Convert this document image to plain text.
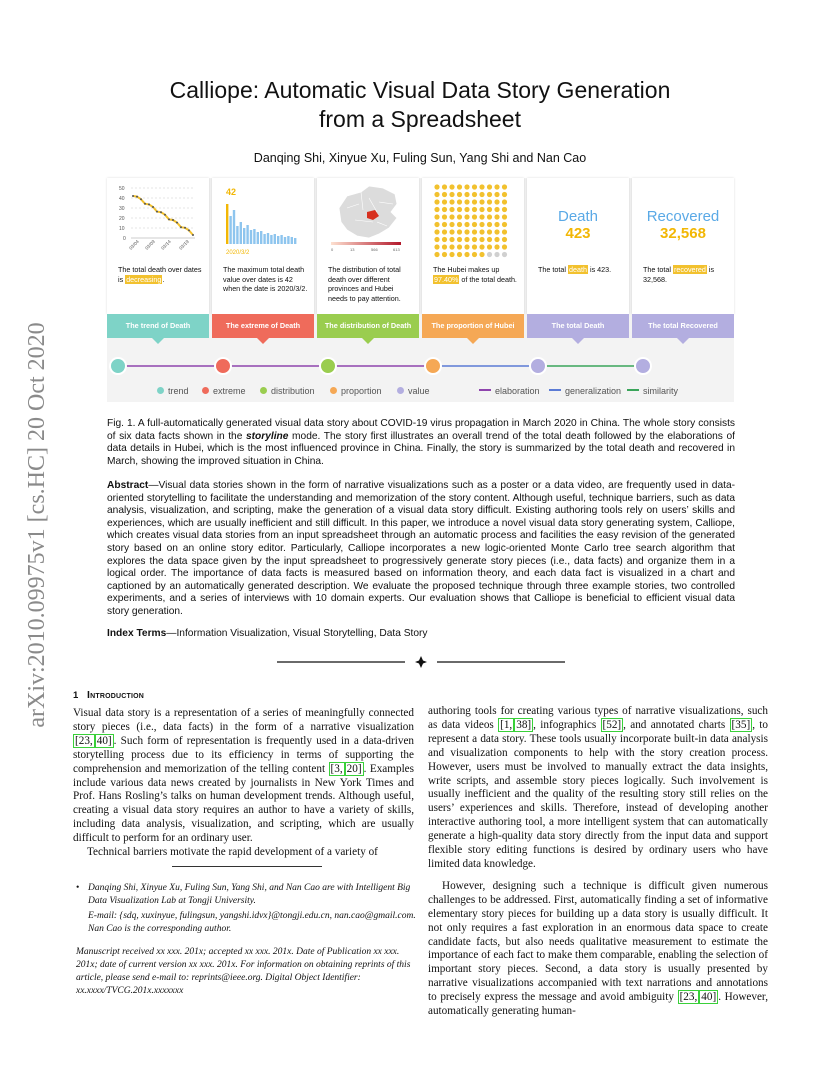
arXiv:2010.09975v1 [cs.HC] 20 Oct 2020
Calliope: Automatic Visual Data Story Generation
from a Spreadsheet
Danqing Shi, Xinyue Xu, Fuling Sun, Yang Shi and Nan Cao
50
40
30
20
10
0
03/04 03/09 03/14 03/19
The total death over dates is decreasing.
42
2020/3/2
The maximum total death value over dates is 42 when the date is 2020/3/2.
0	13	566	613
The distribution of total death over different provinces and Hubei needs to pay attention.
The Hubei makes up 97.40% of the total death.
Death
423
The total death is 423.
Recovered
32,568
The total recovered is 32,568.
The trend of Death	The extreme of Death	The distribution of Death	The proportion of Hubei	The total Death	The total Recovered
trend	extreme	distribution	proportion	value	elaboration	generalization	similarity
Fig. 1. A full-automatically generated visual data story about COVID-19 virus propagation in March 2020 in China. The whole story consists of six data facts shown in the storyline mode. The story first illustrates an overall trend of the total death followed by the elaborations of data details in Hubei, which is the most influenced province in China. Finally, the story is summarized by the total death and recovered in March, showing the improved situation in China.
Abstract—Visual data stories shown in the form of narrative visualizations such as a poster or a data video, are frequently used in data-oriented storytelling to facilitate the understanding and memorization of the story content. Although useful, technique barriers, such as data analysis, visualization, and scripting, make the generation of a visual data story difficult. Existing authoring tools rely on users’ skills and experiences, which are usually inefficient and still difficult. In this paper, we introduce a novel visual data story generating system, Calliope, which creates visual data stories from an input spreadsheet through an automatic process and facilities the easy revision of the generated story based on an online story editor. Particularly, Calliope incorporates a new logic-oriented Monte Carlo tree search algorithm that explores the data space given by the input spreadsheet to progressively generate story pieces (i.e., data facts) and organize them in a logical order. The importance of data facts is measured based on information theory, and each data fact is visualized in a chart and captioned by an automatically generated description. We evaluate the proposed technique through three example stories, two controlled experiments, and a series of interviews with 10 domain experts. Our evaluation shows that Calliope is beneficial to efficient visual data story generation.
Index Terms—Information Visualization, Visual Storytelling, Data Story
1 Introduction

Visual data story is a representation of a series of meaningfully connected story pieces (i.e., data facts) in the form of a narrative visualization [23, 40] . Such form of representation is frequently used in a data-driven storytelling process due to its efficiency in terms of supporting the comprehension and memorization of the telling content [3, 20] . Examples include various data news created by journalists in New York Times and Prof. Hans Rosling’s talks on human development trends. Although useful, creating a visual data story requires an author to have a variety of skills, including data analysis, visualization, and scripting, which are usually difficult to perform for an ordinary user.

Technical barriers motivate the rapid development of a variety of

• Danqing Shi, Xinyue Xu, Fuling Sun, Yang Shi, and Nan Cao are with Intelligent Big Data Visualization Lab at Tongji University.
E-mail: {sdq, xuxinyue, fulingsun, yangshi.idvx}@tongji.edu.cn, nan.cao@gmail.com. Nan Cao is the corresponding author.
Manuscript received xx xxx. 201x; accepted xx xxx. 201x. Date of Publication xx xxx. 201x; date of current version xx xxx. 201x. For information on obtaining reprints of this article, please send e-mail to: reprints@ieee.org. Digital Object Identifier: xx.xxxx/TVCG.201x.xxxxxxx

authoring tools for creating various types of narrative visualizations, such as data videos [1, 38] , infographics [52] , and annotated charts [35] , to represent a data story. These tools usually incorporate built-in data analysis and visualization components to help with the story creation process. However, users must be involved to manually extract the data insights, write scripts, and assemble story pieces logically. Such involvement is usually inefficient and the quality of the resulting story still relies on the users’ experiences and skills. Therefore, instead of developing another interactive authoring tool, a more intelligent system that can automatically generate a high-quality data story directly from the input data and support flexible story editing functions is desired by ordinary users who have limited data knowledge.

However, designing such a technique is difficult given numerous challenges to be addressed. First, automatically finding a set of informative elementary story pieces for building up a data story is usually difficult. It not only requires a fast exploration in an enormous data space to create candidate facts, but also needs qualitative measurement to estimate the importance of each fact to make them comparable, enabling the selection of important story pieces. Second, a data story is usually presented by narrative visualizations accompanied with text narrations and annotations to precisely express the message and avoid ambiguity [23, 40] . However, automatically generating human-
